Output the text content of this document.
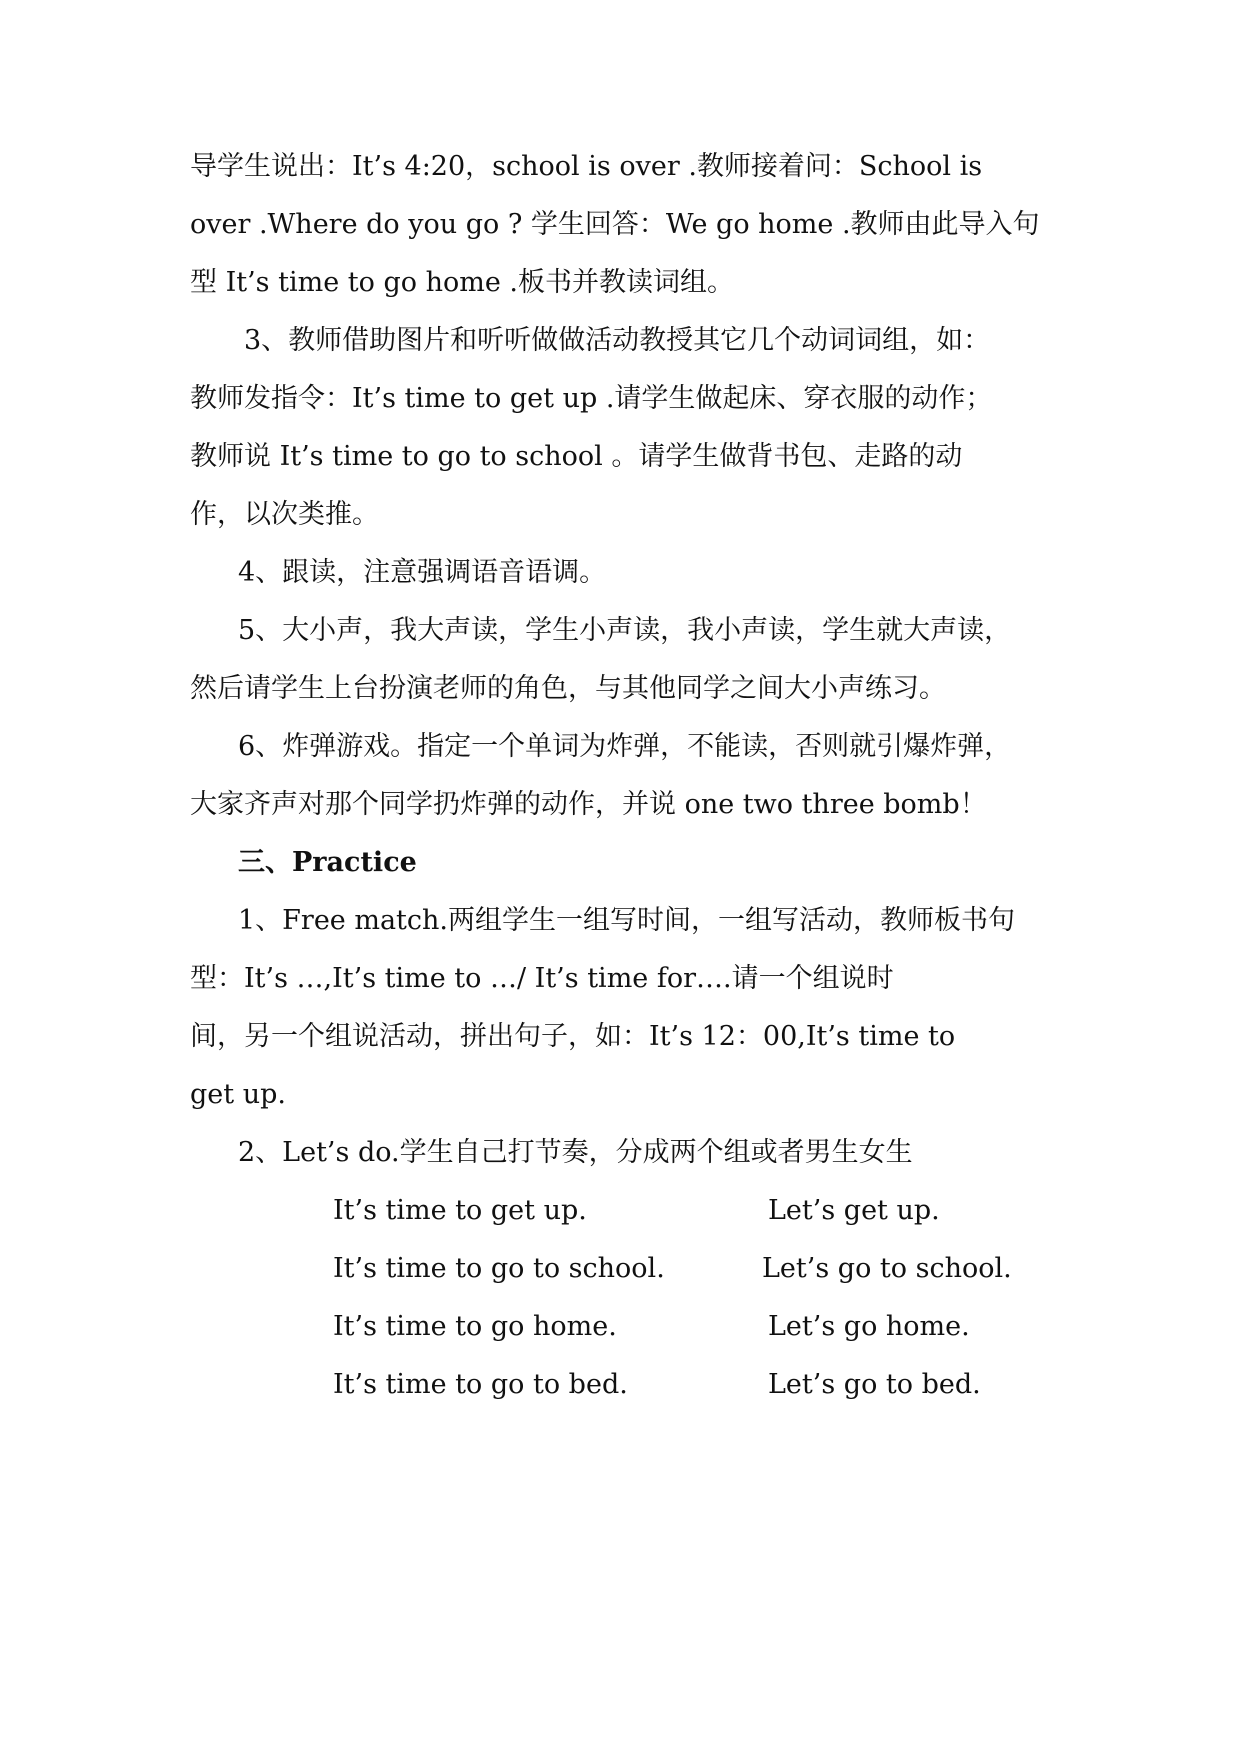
导学生说出：It’s 4:20，school is over .教师接着问：School is
over .Where do you go ? 学生回答：We go home .教师由此导入句
型 It’s time to go home .板书并教读词组。
3、教师借助图片和听听做做活动教授其它几个动词词组，如：
教师发指令：It’s time to get up .请学生做起床、穿衣服的动作；
教师说 It’s time to go to school 。请学生做背书包、走路的动
作，以次类推。
4、跟读，注意强调语音语调。
5、大小声，我大声读，学生小声读，我小声读，学生就大声读，
然后请学生上台扮演老师的角色，与其他同学之间大小声练习。
6、炸弹游戏。指定一个单词为炸弹，不能读，否则就引爆炸弹，
大家齐声对那个同学扔炸弹的动作，并说 one two three bomb！
三、Practice
1、Free match.两组学生一组写时间，一组写活动，教师板书句
型：It’s …,It’s time to …/ It’s time for….请一个组说时
间，另一个组说活动，拼出句子，如：It’s 12：00,It’s time to
get up.
2、Let’s do.学生自己打节奏，分成两个组或者男生女生
It’s time to get up.	Let’s get up.
It’s time to go to school.	Let’s go to school.
It’s time to go home.	Let’s go home.
It’s time to go to bed.	Let’s go to bed.
